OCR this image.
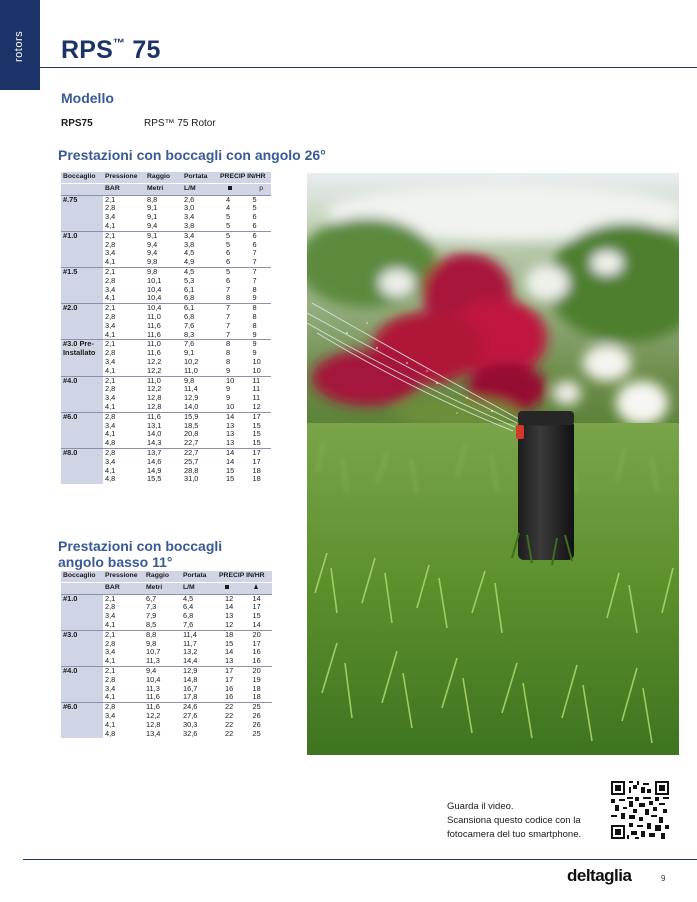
rotors RPS™ 75
Modello
RPS75	RPS™ 75 Rotor
Prestazioni con boccagli con angolo 26°
Boccaglio	Pressione	Raggio	Portata	PRECIP IN/HR	
	BAR	Metri	L/M		p
#.75	2,1	8,8	2,6	4	5
	2,8	9,1	3,0	4	5
	3,4	9,1	3,4	5	6
	4,1	9,4	3,8	5	6
#1.0	2,1	9,1	3,4	5	6
	2,8	9,4	3,8	5	6
	3,4	9,4	4,5	6	7
	4,1	9,8	4,9	6	7
#1.5	2,1	9,8	4,5	5	7
	2,8	10,1	5,3	6	7
	3,4	10,4	6,1	7	8
	4,1	10,4	6,8	8	9
#2.0	2,1	10,4	6,1	7	8
	2,8	11,0	6,8	7	8
	3,4	11,6	7,6	7	8
	4,1	11,6	8,3	7	9
#3.0 Pre-Installato	2,1	11,0	7,6	8	9
	2,8	11,6	9,1	8	9
	3,4	12,2	10,2	8	10
	4,1	12,2	11,0	9	10
#4.0	2,1	11,0	9,8	10	11
	2,8	12,2	11,4	9	11
	3,4	12,8	12,9	9	11
	4,1	12,8	14,0	10	12
#6.0	2,8	11,6	15,9	14	17
	3,4	13,1	18,5	13	15
	4,1	14,0	20,8	13	15
	4,8	14,3	22,7	13	15
#8.0	2,8	13,7	22,7	14	17
	3,4	14,6	25,7	14	17
	4,1	14,9	28,8	15	18
	4,8	15,5	31,0	15	18
Prestazioni con boccagli
angolo basso 11°
Boccaglio	Pressione	Raggio	Portata	PRECIP IN/HR	
	BAR	Metri	L/M		
#1.0	2,1	6,7	4,5	12	14
	2,8	7,3	6,4	14	17
	3,4	7,9	6,8	13	15
	4,1	8,5	7,6	12	14
#3.0	2,1	8,8	11,4	18	20
	2,8	9,8	11,7	15	17
	3,4	10,7	13,2	14	16
	4,1	11,3	14,4	13	16
#4.0	2,1	9,4	12,9	17	20
	2,8	10,4	14,8	17	19
	3,4	11,3	16,7	16	18
	4,1	11,6	17,8	16	18
#6.0	2,8	11,6	24,6	22	25
	3,4	12,2	27,6	22	26
	4,1	12,8	30,3	22	26
	4,8	13,4	32,6	22	25
Guarda il video.
Scansiona questo codice con la
fotocamera del tuo smartphone.
deltaglia	9
